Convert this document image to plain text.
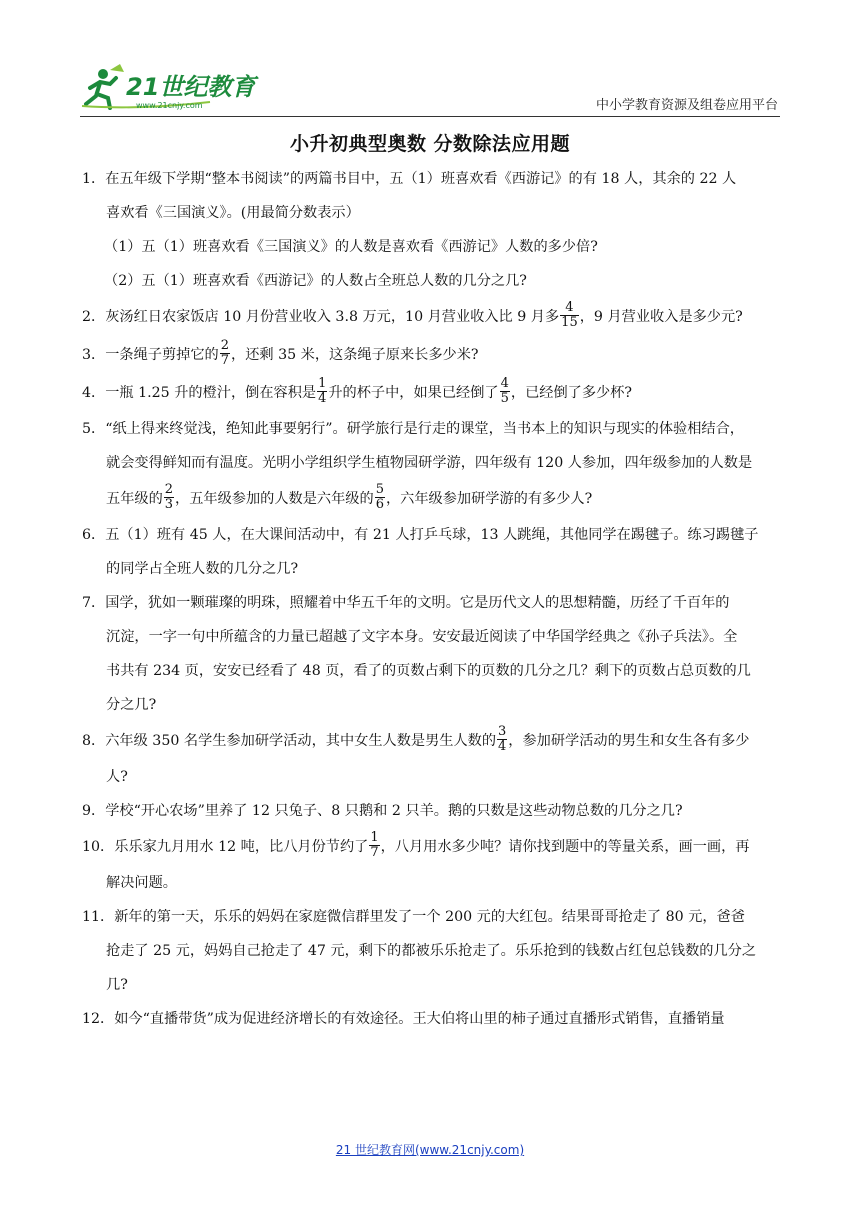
21世纪教育
www.21cnjy.com	中小学教育资源及组卷应用平台
小升初典型奥数 分数除法应用题
1．在五年级下学期“整本书阅读”的两篇书目中，五（1）班喜欢看《西游记》的有 18 人，其余的 22 人
喜欢看《三国演义》。(用最简分数表示）
（1）五（1）班喜欢看《三国演义》的人数是喜欢看《西游记》人数的多少倍?
（2）五（1）班喜欢看《西游记》的人数占全班总人数的几分之几?
2．灰汤红日农家饭店 10 月份营业收入 3.8 万元，10 月营业收入比 9 月多 $\frac{4}{15}$ ，9 月营业收入是多少元?
3．一条绳子剪掉它的 $\frac{2}{7}$ ，还剩 35 米，这条绳子原来长多少米?
4．一瓶 1.25 升的橙汁，倒在容积是 $\frac{1}{4}$ 升的杯子中，如果已经倒了 $\frac{4}{5}$ ，已经倒了多少杯?
5．“纸上得来终觉浅，绝知此事要躬行”。研学旅行是行走的课堂，当书本上的知识与现实的体验相结合，
就会变得鲜知而有温度。光明小学组织学生植物园研学游，四年级有 120 人参加，四年级参加的人数是
五年级的 $\frac{2}{3}$ ，五年级参加的人数是六年级的 $\frac{5}{6}$ ，六年级参加研学游的有多少人?
6．五（1）班有 45 人，在大课间活动中，有 21 人打乒乓球，13 人跳绳，其他同学在踢毽子。练习踢毽子
的同学占全班人数的几分之几?
7．国学，犹如一颗璀璨的明珠，照耀着中华五千年的文明。它是历代文人的思想精髓，历经了千百年的
沉淀，一字一句中所蕴含的力量已超越了文字本身。安安最近阅读了中华国学经典之《孙子兵法》。全
书共有 234 页，安安已经看了 48 页，看了的页数占剩下的页数的几分之几？剩下的页数占总页数的几
分之几?
8．六年级 350 名学生参加研学活动，其中女生人数是男生人数的 $\frac{3}{4}$ ，参加研学活动的男生和女生各有多少
人?
9．学校“开心农场”里养了 12 只兔子、8 只鹅和 2 只羊。鹅的只数是这些动物总数的几分之几?
10．乐乐家九月用水 12 吨，比八月份节约了 $\frac{1}{7}$ ，八月用水多少吨？请你找到题中的等量关系，画一画，再
解决问题。
11．新年的第一天，乐乐的妈妈在家庭微信群里发了一个 200 元的大红包。结果哥哥抢走了 80 元，爸爸
抢走了 25 元，妈妈自己抢走了 47 元，剩下的都被乐乐抢走了。乐乐抢到的钱数占红包总钱数的几分之
几?
12．如今“直播带货”成为促进经济增长的有效途径。王大伯将山里的柿子通过直播形式销售，直播销量
21 世纪教育网(www.21cnjy.com)
